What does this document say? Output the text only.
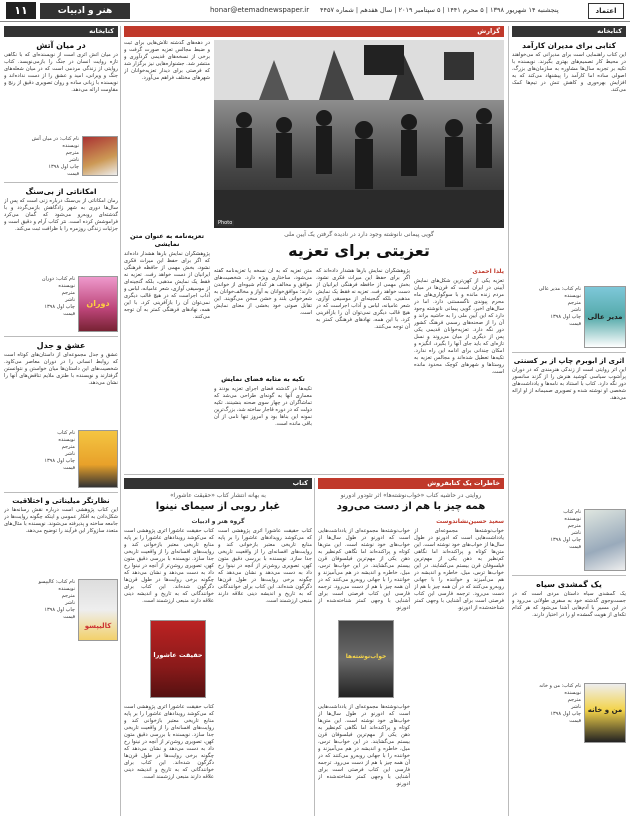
۱۱	هنر و ادبیات	honar@etemadnewspaper.ir پنجشنبه ۱۴ شهریور ۱۳۹۸ | ۵ محرم ۱۴۴۱ | ۵ سپتامبر ۲۰۱۹ | سال هفدهم | شماره ۴۴۵۷	اعتماد
کتابخانه
در میان آتش
در میان آتش اثری است از نویسنده‌ای که با نگاهی تازه روایت انسان در جنگ را بازمی‌نویسد. کتاب روایتی از زندگی مردمی است که در میان شعله‌های جنگ و ویرانی، امید و عشق را از دست نداده‌اند و نویسنده با زبانی ساده و روان تصویری دقیق از رنج و مقاومت ارائه می‌دهد.
نام کتاب: در میان آتش
نویسنده
مترجم
ناشر
چاپ اول ۱۳۹۸
قیمت
امکاناتی از بی‌سنگ
رمان امکاناتی از بی‌سنگ درباره زنی است که پس از سال‌ها دوری به شهر زادگاهش بازمی‌گردد و با گذشته‌ای روبه‌رو می‌شود که گمان می‌کرد فراموشش کرده است. نثر کتاب آرام و دقیق است و جزئیات زندگی روزمره را با ظرافت ثبت می‌کند.
دوران
نام کتاب: دوران
نویسنده
مترجم
ناشر
چاپ اول ۱۳۹۸
قیمت
عشق و جدل
عشق و جدل مجموعه‌ای از داستان‌های کوتاه است که روابط انسانی را در دوران معاصر می‌کاود. شخصیت‌های این داستان‌ها میان خواستن و نتوانستن گرفتارند و نویسنده با طنزی ملایم تناقض‌های آنها را نشان می‌دهد.
نام کتاب
نویسنده
مترجم
ناشر
چاپ اول ۱۳۹۸
قیمت
نظارتگر میلیناتی و اختلاقیت
این کتاب پژوهشی است درباره نقش رسانه‌ها در شکل‌دادن به افکار عمومی و اینکه چگونه روایت‌ها در جامعه ساخته و پذیرفته می‌شوند. نویسنده با مثال‌های متعدد سازوکار این فرآیند را توضیح می‌دهد.
کالیپسو
نام کتاب: کالیپسو
نویسنده
مترجم
ناشر
چاپ اول ۱۳۹۸
قیمت
کتابخانه
کتابی برای مدیران کارآمد
این کتاب راهنمایی است برای مدیرانی که می‌خواهند در محیط کار تصمیم‌های بهتری بگیرند. نویسنده با تکیه بر تجربه سال‌ها مشاوره به سازمان‌های بزرگ، اصولی ساده اما کارآمد را پیشنهاد می‌کند که به افزایش بهره‌وری و کاهش تنش در تیم‌ها کمک می‌کند.
مدیر عالی
نام کتاب: مدیر عالی
نویسنده
مترجم
ناشر
چاپ اول ۱۳۹۸
قیمت
اثری از ابوبرم چاپ از بر کسنتی
این اثر روایتی است از زندگی هنرمندی که در دوران پرآشوب سیاسی کوشید هنرش را از گزند سانسور دور نگه دارد. کتاب با استناد به نامه‌ها و یادداشت‌های شخصی او نوشته شده و تصویری صمیمانه از او ارائه می‌دهد.
نام کتاب
نویسنده
مترجم
ناشر
چاپ اول ۱۳۹۸
قیمت
یک گمشدی سیاه
یک گمشدی سیاه داستان مردی است که در جست‌وجوی گذشته خود به سفری طولانی می‌رود و در این مسیر با آدم‌هایی آشنا می‌شود که هر کدام تکه‌ای از هویت گمشده او را در اختیار دارند.
من و خانه
نام کتاب: من و خانه
نویسنده
مترجم
ناشر
چاپ اول ۱۳۹۸
قیمت
گزارش
Photo
در دهه‌های گذشته تلاش‌هایی برای ثبت و ضبط مجالس تعزیه صورت گرفت و برخی از نسخه‌های قدیمی گردآوری و منتشر شد. جشنواره‌هایی نیز برگزار شد که فرصتی برای دیدار تعزیه‌خوانان از شهرهای مختلف فراهم می‌آورد.
گویی پیمانی نانوشته وجود دارد در نادیده گرفتن یک آیین ملی
تعزیتی برای تعزیه
یلدا احمدی
تعزیه یکی از کهن‌ترین شکل‌های نمایش آیینی در ایران است که قرن‌ها در میان مردم زنده مانده و با سوگواری‌های ماه محرم پیوندی ناگسستنی دارد. اما در سال‌های اخیر، گویی پیمانی نانوشته وجود دارد که این آیین ملی را به حاشیه براند و آن را از صحنه‌های رسمی فرهنگ کشور دور نگه دارد. تعزیه‌خوانان قدیمی یکی پس از دیگری از میان می‌روند و نسل تازه‌ای که باید جای آنها را بگیرد، انگیزه و امکان چندانی برای ادامه این راه ندارد. تکیه‌ها تعطیل شده‌اند و مجالس تعزیه به روستاها و شهرهای کوچک محدود مانده است.
پژوهشگران نمایش بارها هشدار داده‌اند که اگر برای حفظ این میراث فکری نشود، بخش مهمی از حافظه فرهنگی ایرانیان از دست خواهد رفت. تعزیه نه فقط یک نمایش مذهبی، بلکه گنجینه‌ای از موسیقی آوازی، شعر عامیانه، لباس و آداب اجراست که در هیچ قالب دیگری نمی‌توان آن را بازآفرینی کرد. با این همه، نهادهای فرهنگی کمتر به آن توجه می‌کنند.
متن تعزیه که به آن نسخه یا تعزیه‌نامه گفته می‌شود، ساختاری ویژه دارد. شخصیت‌های موافق و مخالف هر کدام شیوه‌ای از خواندن دارند؛ موافق‌خوانان به آواز و مخالف‌خوانان به شعرخوانی بلند و خشن سخن می‌گویند. این تقابل صوتی خود بخشی از معنای نمایش است.
تکیه به مثابه فضای نمایش
تکیه‌ها در گذشته فضای اجرای تعزیه بودند و معماری آنها به گونه‌ای طراحی می‌شد که تماشاگران در چهار سوی صحنه بنشینند. تکیه دولت که در دوره قاجار ساخته شد، بزرگ‌ترین نمونه این بناها بود و امروز تنها نامی از آن باقی مانده است.
تعزیه‌نامه به عنوان متن نمایشی
پژوهشگران نمایش بارها هشدار داده‌اند که اگر برای حفظ این میراث فکری نشود، بخش مهمی از حافظه فرهنگی ایرانیان از دست خواهد رفت. تعزیه نه فقط یک نمایش مذهبی، بلکه گنجینه‌ای از موسیقی آوازی، شعر عامیانه، لباس و آداب اجراست که در هیچ قالب دیگری نمی‌توان آن را بازآفرینی کرد. با این همه، نهادهای فرهنگی کمتر به آن توجه می‌کنند.
کتاب
به بهانه انتشار کتاب «حقیقت عاشورا»
غبار روبی از سیمای نینوا
گروه هنر و ادبیات
کتاب حقیقت عاشورا اثری پژوهشی است که می‌کوشد رویدادهای عاشورا را بر پایه منابع تاریخی معتبر بازخوانی کند و روایت‌های افسانه‌ای را از واقعیت تاریخی جدا سازد. نویسنده با بررسی دقیق متون کهن، تصویری روشن‌تر از آنچه در نینوا رخ داد به دست می‌دهد و نشان می‌دهد که چگونه برخی روایت‌ها در طول قرن‌ها دگرگون شده‌اند. این کتاب برای خوانندگانی که به تاریخ و اندیشه دینی علاقه دارند منبعی ارزشمند است.
کتاب حقیقت عاشورا اثری پژوهشی است که می‌کوشد رویدادهای عاشورا را بر پایه منابع تاریخی معتبر بازخوانی کند و روایت‌های افسانه‌ای را از واقعیت تاریخی جدا سازد. نویسنده با بررسی دقیق متون کهن، تصویری روشن‌تر از آنچه در نینوا رخ داد به دست می‌دهد و نشان می‌دهد که چگونه برخی روایت‌ها در طول قرن‌ها دگرگون شده‌اند. این کتاب برای خوانندگانی که به تاریخ و اندیشه دینی علاقه دارند منبعی ارزشمند است.
حقیقت عاشورا
کتاب حقیقت عاشورا اثری پژوهشی است که می‌کوشد رویدادهای عاشورا را بر پایه منابع تاریخی معتبر بازخوانی کند و روایت‌های افسانه‌ای را از واقعیت تاریخی جدا سازد. نویسنده با بررسی دقیق متون کهن، تصویری روشن‌تر از آنچه در نینوا رخ داد به دست می‌دهد و نشان می‌دهد که چگونه برخی روایت‌ها در طول قرن‌ها دگرگون شده‌اند. این کتاب برای خوانندگانی که به تاریخ و اندیشه دینی علاقه دارند منبعی ارزشمند است.
خاطرات یک کتابفروش
روایتی در حاشیه کتاب «خواب‌نوشته‌ها» اثر تئودور ادورنو
همه چیز با هم از دست می‌رود
سعید حسین‌نشاندوست
خواب‌نوشته‌ها مجموعه‌ای از یادداشت‌هایی است که ادورنو در طول سال‌ها از خواب‌های خود نوشته است. این متن‌ها کوتاه و پراکنده‌اند اما نگاهی کم‌نظیر به ذهن یکی از مهم‌ترین فیلسوفان قرن بیستم می‌گشایند. در این خواب‌ها ترس، میل، خاطره و اندیشه در هم می‌آمیزند و خواننده را با جهانی روبه‌رو می‌کنند که در آن همه چیز با هم از دست می‌رود. ترجمه فارسی این کتاب فرصتی است برای آشنایی با وجهی کمتر شناخته‌شده از ادورنو.
خواب‌نوشته‌ها مجموعه‌ای از یادداشت‌هایی است که ادورنو در طول سال‌ها از خواب‌های خود نوشته است. این متن‌ها کوتاه و پراکنده‌اند اما نگاهی کم‌نظیر به ذهن یکی از مهم‌ترین فیلسوفان قرن بیستم می‌گشایند. در این خواب‌ها ترس، میل، خاطره و اندیشه در هم می‌آمیزند و خواننده را با جهانی روبه‌رو می‌کنند که در آن همه چیز با هم از دست می‌رود. ترجمه فارسی این کتاب فرصتی است برای آشنایی با وجهی کمتر شناخته‌شده از ادورنو.
خواب‌نوشته‌ها
خواب‌نوشته‌ها مجموعه‌ای از یادداشت‌هایی است که ادورنو در طول سال‌ها از خواب‌های خود نوشته است. این متن‌ها کوتاه و پراکنده‌اند اما نگاهی کم‌نظیر به ذهن یکی از مهم‌ترین فیلسوفان قرن بیستم می‌گشایند. در این خواب‌ها ترس، میل، خاطره و اندیشه در هم می‌آمیزند و خواننده را با جهانی روبه‌رو می‌کنند که در آن همه چیز با هم از دست می‌رود. ترجمه فارسی این کتاب فرصتی است برای آشنایی با وجهی کمتر شناخته‌شده از ادورنو.
